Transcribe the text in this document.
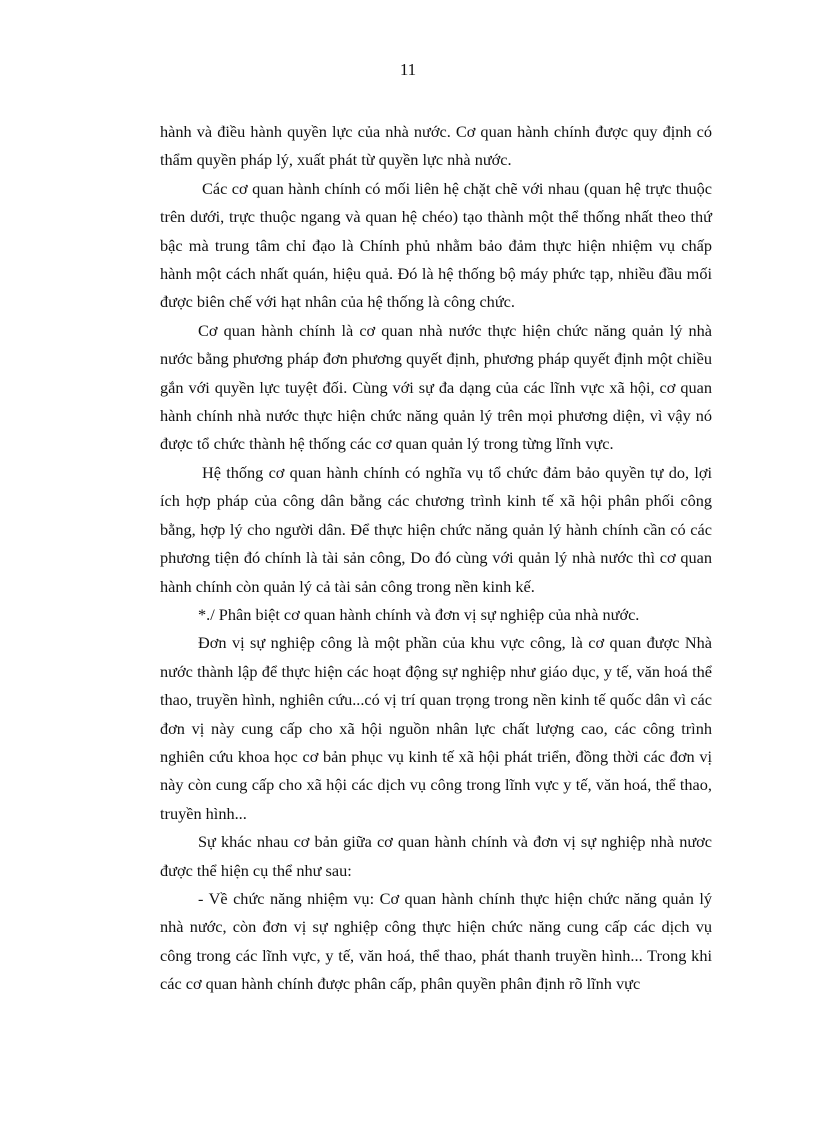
11

hành và điều hành quyền lực của nhà nước. Cơ quan hành chính được quy định có thẩm quyền pháp lý, xuất phát từ quyền lực nhà nước.

Các cơ quan hành chính có mối liên hệ chặt chẽ với nhau (quan hệ trực thuộc trên dưới, trực thuộc ngang và quan hệ chéo) tạo thành một thể thống nhất theo thứ bậc mà trung tâm chỉ đạo là Chính phủ nhằm bảo đảm thực hiện nhiệm vụ chấp hành một cách nhất quán, hiệu quả. Đó là hệ thống bộ máy phức tạp, nhiều đầu mối được biên chế với hạt nhân của hệ thống là công chức.

Cơ quan hành chính là cơ quan nhà nước thực hiện chức năng quản lý nhà nước bằng phương pháp đơn phương quyết định, phương pháp quyết định một chiều gắn với quyền lực tuyệt đối. Cùng với sự đa dạng của các lĩnh vực xã hội, cơ quan hành chính nhà nước thực hiện chức năng quản lý trên mọi phương diện, vì vậy nó được tổ chức thành hệ thống các cơ quan quản lý trong từng lĩnh vực.

Hệ thống cơ quan hành chính có nghĩa vụ tổ chức đảm bảo quyền tự do, lợi ích hợp pháp của công dân bằng các chương trình kinh tế xã hội phân phối công bằng, hợp lý cho người dân. Để thực hiện chức năng quản lý hành chính cần có các phương tiện đó chính là tài sản công, Do đó cùng với quản lý nhà nước thì cơ quan hành chính còn quản lý cả tài sản công trong nền kinh kế.

*./ Phân biệt cơ quan hành chính và đơn vị sự nghiệp của nhà nước.

Đơn vị sự nghiệp công là một phần của khu vực công, là cơ quan được Nhà nước thành lập để thực hiện các hoạt động sự nghiệp như giáo dục, y tế, văn hoá thể thao, truyền hình, nghiên cứu...có vị trí quan trọng trong nền kinh tế quốc dân vì các đơn vị này cung cấp cho xã hội nguồn nhân lực chất lượng cao, các công trình nghiên cứu khoa học cơ bản phục vụ kinh tế xã hội phát triển, đồng thời các đơn vị này còn cung cấp cho xã hội các dịch vụ công trong lĩnh vực y tế, văn hoá, thể thao, truyền hình...

Sự khác nhau cơ bản giữa cơ quan hành chính và đơn vị sự nghiệp nhà nươc được thể hiện cụ thể như sau:

- Về chức năng nhiệm vụ: Cơ quan hành chính thực hiện chức năng quản lý nhà nước, còn đơn vị sự nghiệp công thực hiện chức năng cung cấp các dịch vụ công trong các lĩnh vực, y tế, văn hoá, thể thao, phát thanh truyền hình... Trong khi các cơ quan hành chính được phân cấp, phân quyền phân định rõ lĩnh vực
